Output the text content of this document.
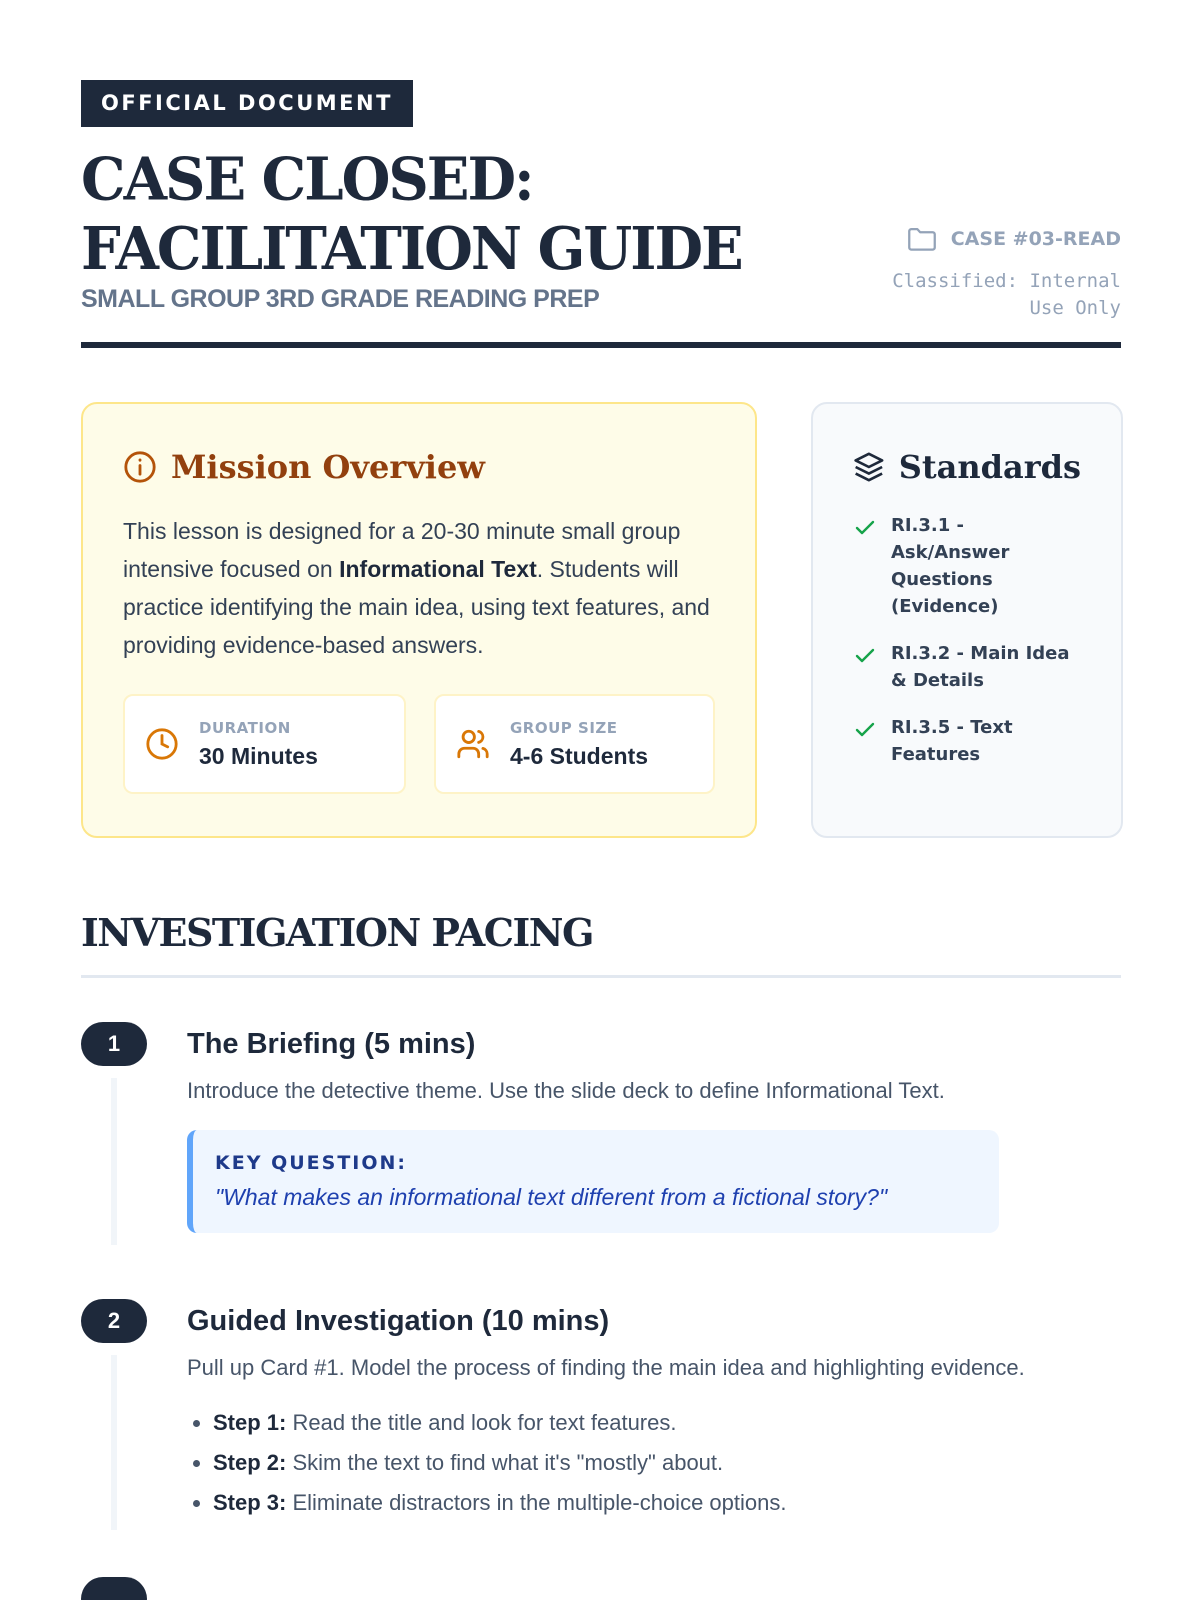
OFFICIAL DOCUMENT
CASE CLOSED:
FACILITATION GUIDE
SMALL GROUP 3RD GRADE READING PREP
CASE #03-READ
Classified: Internal Use Only
Mission Overview

This lesson is designed for a 20-30 minute small group intensive focused on Informational Text. Students will practice identifying the main idea, using text features, and providing evidence-based answers.

DURATION
30 Minutes
GROUP SIZE
4-6 Students
Standards
RI.3.1 - Ask/Answer Questions (Evidence)
RI.3.2 - Main Idea & Details
RI.3.5 - Text Features
INVESTIGATION PACING
1	The Briefing (5 mins)
Introduce the detective theme. Use the slide deck to define Informational Text.
KEY QUESTION:
"What makes an informational text different from a fictional story?"
2	Guided Investigation (10 mins)
Pull up Card #1. Model the process of finding the main idea and highlighting evidence.
• Step 1: Read the title and look for text features.
• Step 2: Skim the text to find what it's "mostly" about.
• Step 3: Eliminate distractors in the multiple-choice options.
